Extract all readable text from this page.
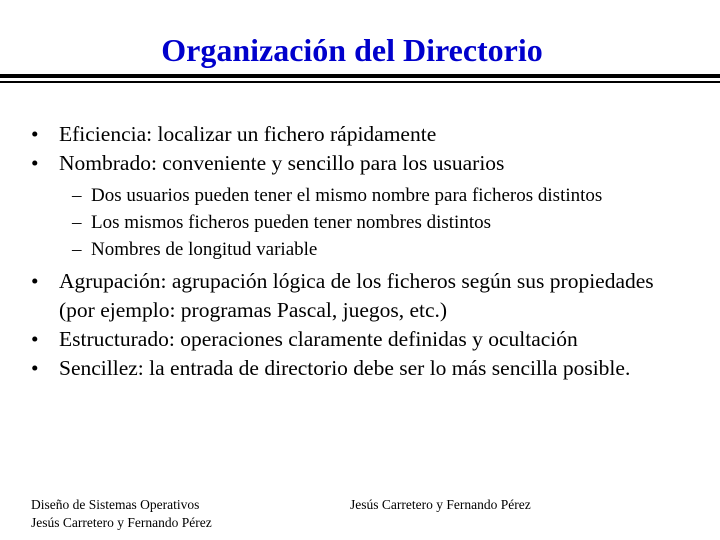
Organización del Directorio
• Eficiencia: localizar un fichero rápidamente
• Nombrado: conveniente y sencillo para los usuarios
– Dos usuarios pueden tener el mismo nombre para ficheros distintos
– Los mismos ficheros pueden tener nombres distintos
– Nombres de longitud variable
• Agrupación: agrupación lógica de los ficheros según sus propiedades (por ejemplo: programas Pascal, juegos, etc.)
• Estructurado: operaciones claramente definidas y ocultación
• Sencillez: la entrada de directorio debe ser lo más sencilla posible.
Diseño de Sistemas Operativos
Jesús Carretero y Fernando Pérez
Jesús Carretero y Fernando Pérez
